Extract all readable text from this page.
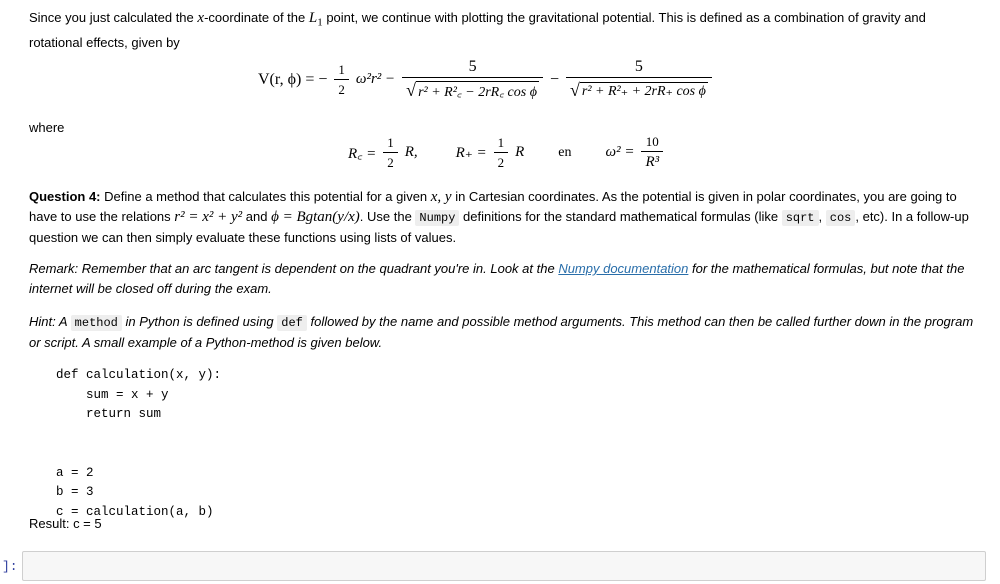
Since you just calculated the x-coordinate of the $L_1$ point, we continue with plotting the gravitational potential. This is defined as a combination of gravity and rotational effects, given by
V(r, ϕ) = − $\frac{1}{2} \omega^2r^2 - \frac{5}{\text{√ r² + R²꜀ − 2rR꜀ cos ϕ}} - \frac{5}{\text{√ r² + R²₊ + 2rR₊ cos ϕ}}$
where
R꜀ = $\frac{1}{2} R$,	$R_+ = \frac{1}{2}$ R en $\omega^2 = \frac{10}{\text{R³}}$
Question 4: Define a method that calculates this potential for a given x, y in Cartesian coordinates. As the potential is given in polar coordinates, you are going to have to use the relations r² = x² + y² and ϕ = Bgtan(y/x). Use the Numpy definitions for the standard mathematical formulas (like sqrt , cos , etc). In a follow-up question we can then simply evaluate these functions using lists of values.
Remark: Remember that an arc tangent is dependent on the quadrant you're in. Look at the Numpy documentation for the mathematical formulas, but note that the internet will be closed off during the exam.
Hint: A method in Python is defined using def followed by the name and possible method arguments. This method can then be called further down in the program or script. A small example of a Python-method is given below.
def calculation(x, y):
sum = x + y
return sum

a = 2
b = 3
c = calculation(a, b)
Result: c = 5
]:
